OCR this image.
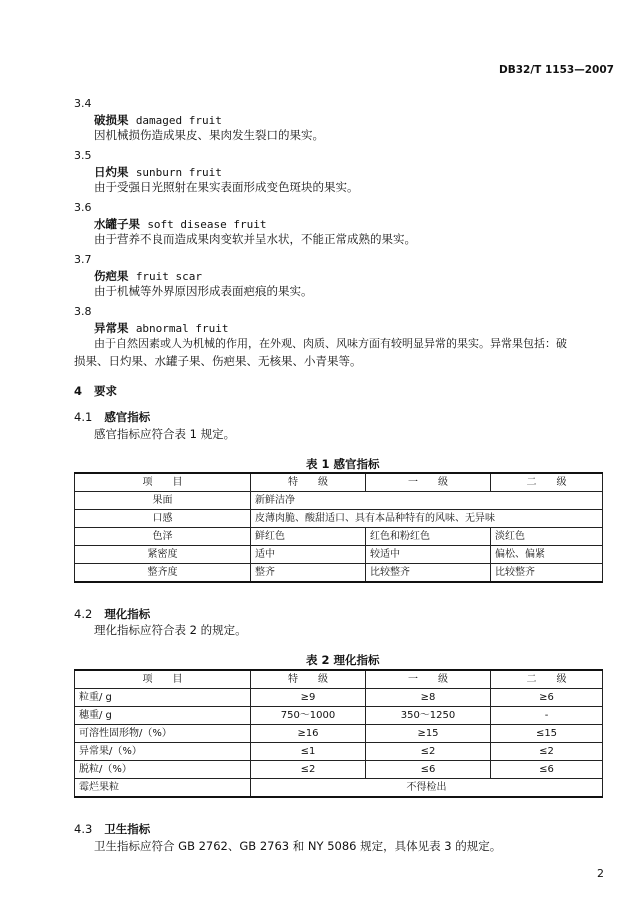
DB32/T 1153—2007
3.4
破损果 damaged fruit
因机械损伤造成果皮、果肉发生裂口的果实。
3.5
日灼果 sunburn fruit
由于受强日光照射在果实表面形成变色斑块的果实。
3.6
水罐子果 soft disease fruit
由于营养不良而造成果肉变软并呈水状，不能正常成熟的果实。
3.7
伤疤果 fruit scar
由于机械等外界原因形成表面疤痕的果实。
3.8
异常果 abnormal fruit
由于自然因素或人为机械的作用，在外观、肉质、风味方面有较明显异常的果实。异常果包括：破
损果、日灼果、水罐子果、伤疤果、无核果、小青果等。
4 要求
4.1 感官指标
感官指标应符合表 1 规定。
表 1 感官指标
项　　目	特　　级	一　　级	二　　级
果面	新鲜洁净		
口感	皮薄肉脆、酸甜适口、具有本品种特有的风味、无异味		
色泽	鲜红色	红色和粉红色	淡红色
紧密度	适中	较适中	偏松、偏紧
整齐度	整齐	比较整齐	比较整齐
4.2 理化指标
理化指标应符合表 2 的规定。
表 2 理化指标
项　　目	特　　级	一　　级	二　　级
粒重/ g	≥9	≥8	≥6
穗重/ g	750～1000	350～1250	-
可溶性固形物/（%）	≥16	≥15	≤15
异常果/（%）	≤1	≤2	≤2
脱粒/（%）	≤2	≤6	≤6
霉烂果粒	不得检出		
4.3 卫生指标
卫生指标应符合 GB 2762、GB 2763 和 NY 5086 规定，具体见表 3 的规定。
2
